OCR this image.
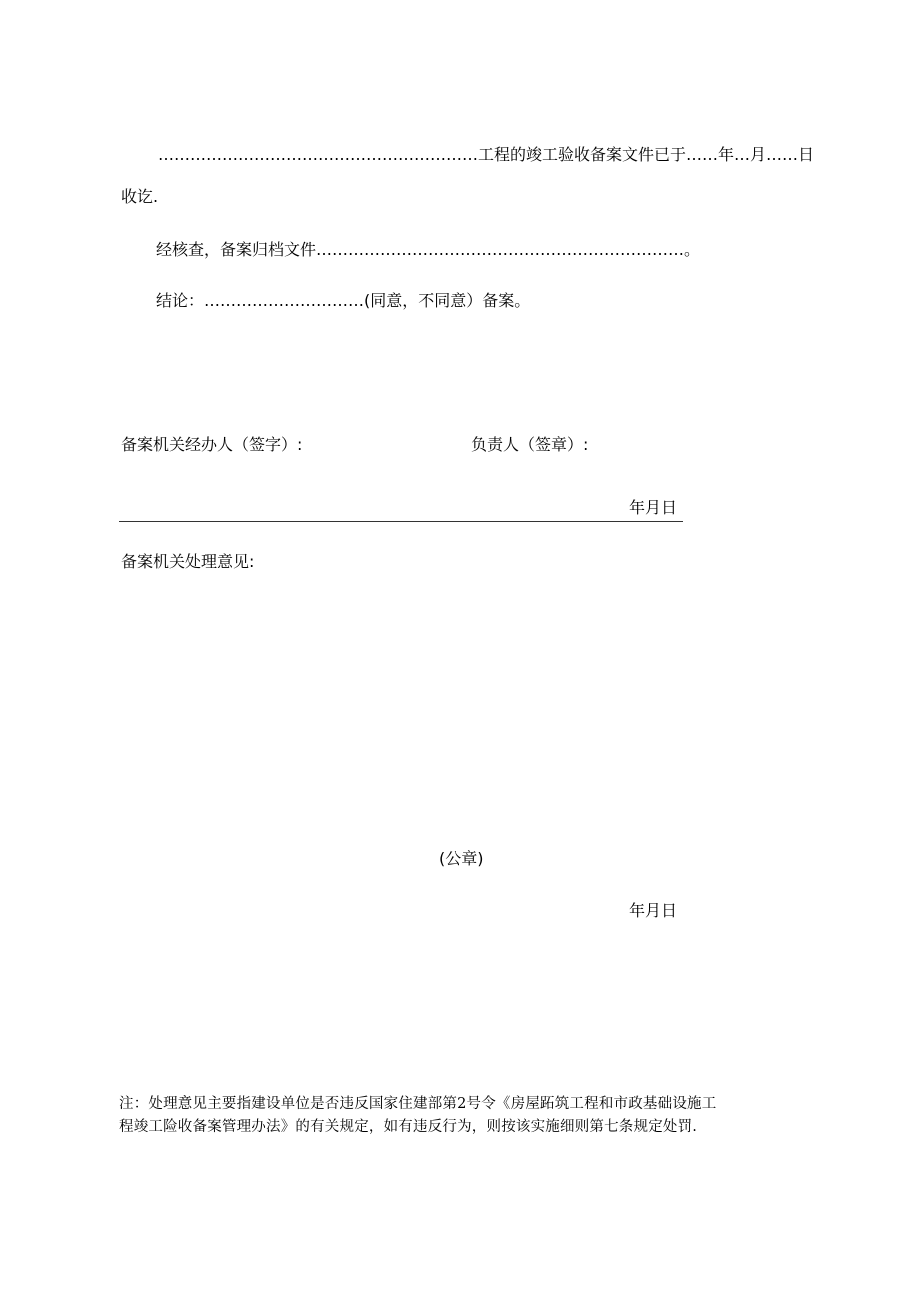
……………………………………………………工程的竣工验收备案文件已于……年…月……日

收讫.

经核查，备案归档文件……………………………………………………………。

结论：…………………………(同意，不同意）备案。

备案机关经办人（签字）:	负责人（签章）:

年月日

备案机关处理意见:

(公章)

年月日

注：处理意见主要指建设单位是否违反国家住建部第2号令《房屋跖筑工程和市政基础设施工
程竣工险收备案管理办法》的有关规定，如有违反行为，则按该实施细则第七条规定处罚.
